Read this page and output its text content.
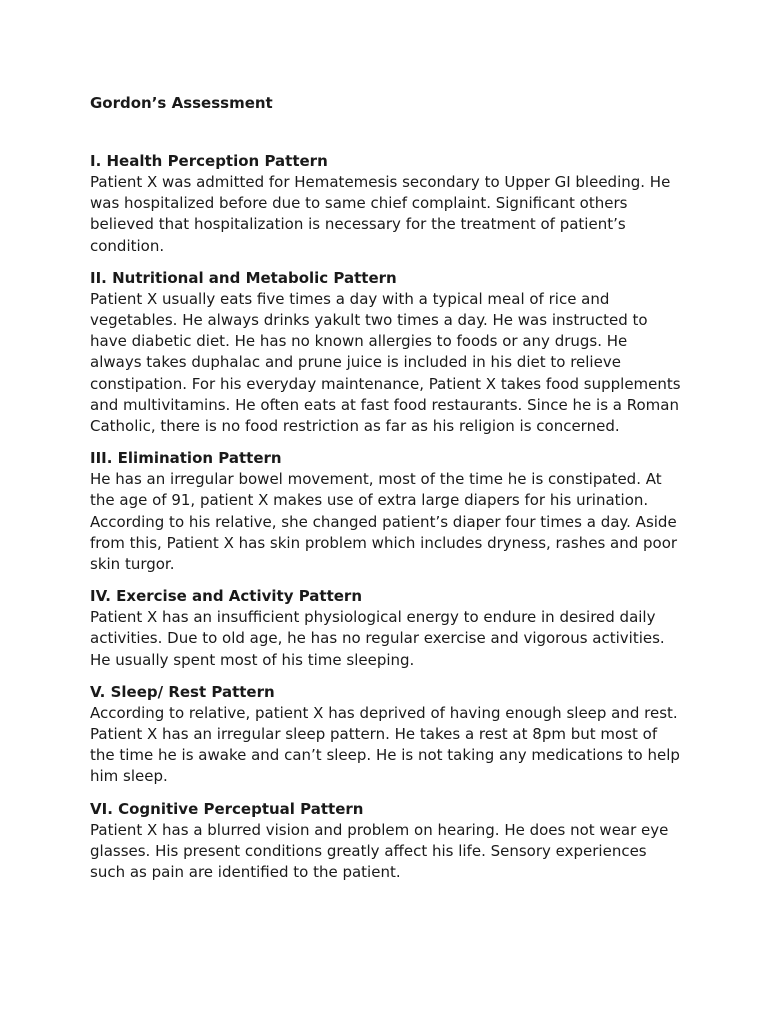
Gordon’s Assessment
I. Health Perception Pattern

Patient X was admitted for Hematemesis secondary to Upper GI bleeding. He was hospitalized before due to same chief complaint. Significant others believed that hospitalization is necessary for the treatment of patient’s condition.

II. Nutritional and Metabolic Pattern

Patient X usually eats five times a day with a typical meal of rice and vegetables. He always drinks yakult two times a day. He was instructed to have diabetic diet. He has no known allergies to foods or any drugs. He always takes duphalac and prune juice is included in his diet to relieve constipation. For his everyday maintenance, Patient X takes food supplements and multivitamins. He often eats at fast food restaurants. Since he is a Roman Catholic, there is no food restriction as far as his religion is concerned.

III. Elimination Pattern

He has an irregular bowel movement, most of the time he is constipated. At the age of 91, patient X makes use of extra large diapers for his urination. According to his relative, she changed patient’s diaper four times a day. Aside from this, Patient X has skin problem which includes dryness, rashes and poor skin turgor.

IV. Exercise and Activity Pattern

Patient X has an insufficient physiological energy to endure in desired daily activities. Due to old age, he has no regular exercise and vigorous activities. He usually spent most of his time sleeping.

V. Sleep/ Rest Pattern

According to relative, patient X has deprived of having enough sleep and rest. Patient X has an irregular sleep pattern. He takes a rest at 8pm but most of the time he is awake and can’t sleep. He is not taking any medications to help him sleep.

VI. Cognitive Perceptual Pattern

Patient X has a blurred vision and problem on hearing. He does not wear eye glasses. His present conditions greatly affect his life. Sensory experiences such as pain are identified to the patient.
